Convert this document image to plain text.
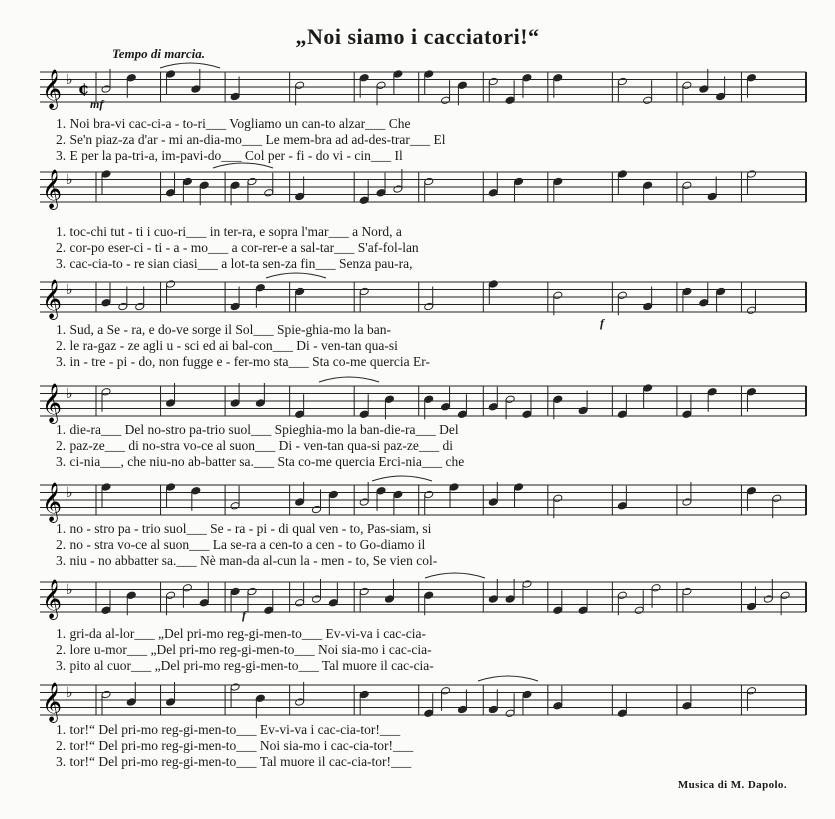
„Noi siamo i cacciatori!“
Tempo di marcia.
mf
f
f
𝄞 ♭ ¢
1. Noi bra-vi cac-ci-a - to-ri___ Vogliamo un can-to alzar___ Che
2. Se'n piaz-za d'ar - mi an-dia-mo___ Le mem-bra ad ad-des-trar___ El
3. E per la pa-tri-a, im-pavi-do___ Col per - fi - do vi - cin___ Il
𝄞 ♭
1. toc-chi tut - ti i cuo-ri___ in ter-ra, e sopra l'mar___ a Nord, a
2. cor-po eser-ci - ti - a - mo___ a cor-rer-e a sal-tar___ S'af-fol-lan
3. cac-cia-to - re sian ciasi___ a lot-ta sen-za fin___ Senza pau-ra,
𝄞 ♭
1. Sud, a Se - ra, e do-ve sorge il Sol___ Spie-ghia-mo la ban-
2. le ra-gaz - ze agli u - sci ed ai bal-con___ Di - ven-tan qua-si
3. in - tre - pi - do, non fugge e - fer-mo sta___ Sta co-me quercia Er-
𝄞 ♭
1. die-ra___ Del no-stro pa-trio suol___ Spieghia-mo la ban-die-ra___ Del
2. paz-ze___ di no-stra vo-ce al suon___ Di - ven-tan qua-si paz-ze___ di
3. ci-nia___, che niu-no ab-batter sa.___ Sta co-me quercia Erci-nia___ che
𝄞 ♭
1. no - stro pa - trio suol___ Se - ra - pi - di qual ven - to, Pas-siam, si
2. no - stra vo-ce al suon___ La se-ra a cen-to a cen - to Go-diamo il
3. niu - no abbatter sa.___ Nè man-da al-cun la - men - to, Se vien col-
𝄞 ♭
1. gri-da al-lor___ „Del pri-mo reg-gi-men-to___ Ev-vi-va i cac-cia-
2. lore u-mor___ „Del pri-mo reg-gi-men-to___ Noi sia-mo i cac-cia-
3. pito al cuor___ „Del pri-mo reg-gi-men-to___ Tal muore il cac-cia-
𝄞 ♭
1. tor!“ Del pri-mo reg-gi-men-to___ Ev-vi-va i cac-cia-tor!___
2. tor!“ Del pri-mo reg-gi-men-to___ Noi sia-mo i cac-cia-tor!___
3. tor!“ Del pri-mo reg-gi-men-to___ Tal muore il cac-cia-tor!___
Musica di M. Dapolo.
